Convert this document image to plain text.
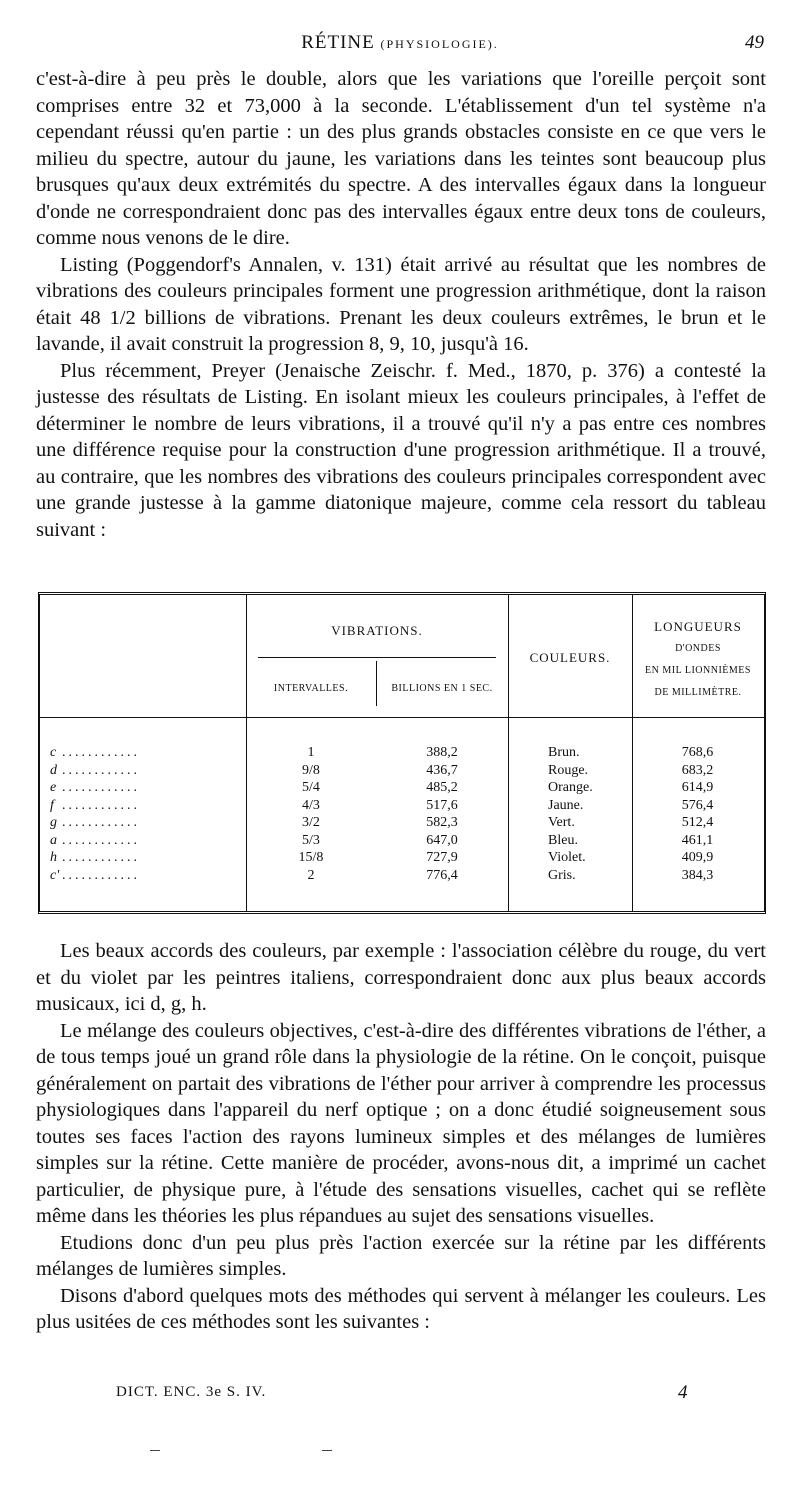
RÉTINE (PHYSIOLOGIE).	49

c'est-à-dire à peu près le double, alors que les variations que l'oreille perçoit sont comprises entre 32 et 73,000 à la seconde. L'établissement d'un tel système n'a cependant réussi qu'en partie : un des plus grands obstacles consiste en ce que vers le milieu du spectre, autour du jaune, les variations dans les teintes sont beaucoup plus brusques qu'aux deux extrémités du spectre. A des intervalles égaux dans la longueur d'onde ne correspondraient donc pas des intervalles égaux entre deux tons de couleurs, comme nous venons de le dire.

Listing (Poggendorf's Annalen, v. 131) était arrivé au résultat que les nombres de vibrations des couleurs principales forment une progression arithmétique, dont la raison était 48 1/2 billions de vibrations. Prenant les deux couleurs extrêmes, le brun et le lavande, il avait construit la progression 8, 9, 10, jusqu'à 16.

Plus récemment, Preyer (Jenaische Zeischr. f. Med., 1870, p. 376) a contesté la justesse des résultats de Listing. En isolant mieux les couleurs principales, à l'effet de déterminer le nombre de leurs vibrations, il a trouvé qu'il n'y a pas entre ces nombres une différence requise pour la construction d'une progression arithmétique. Il a trouvé, au contraire, que les nombres des vibrations des couleurs principales correspondent avec une grande justesse à la gamme diatonique majeure, comme cela ressort du tableau suivant :

VIBRATIONS.
INTERVALLES.	BILLIONS EN 1 SEC.
COULEURS.
LONGUEURS
D'ONDES
EN MIL LIONNIÈMES
DE MILLIMÈTRE.
c ............	1	388,2	Brun.	768,6
d ............	9/8	436,7	Rouge.	683,2
e ............	5/4	485,2	Orange.	614,9
f ............	4/3	517,6	Jaune.	576,4
g ............	3/2	582,3	Vert.	512,4
a ............	5/3	647,0	Bleu.	461,1
h ............	15/8	727,9	Violet.	409,9
c' ............	2	776,4	Gris.	384,3

Les beaux accords des couleurs, par exemple : l'association célèbre du rouge, du vert et du violet par les peintres italiens, correspondraient donc aux plus beaux accords musicaux, ici d, g, h.

Le mélange des couleurs objectives, c'est-à-dire des différentes vibrations de l'éther, a de tous temps joué un grand rôle dans la physiologie de la rétine. On le conçoit, puisque généralement on partait des vibrations de l'éther pour arriver à comprendre les processus physiologiques dans l'appareil du nerf optique ; on a donc étudié soigneusement sous toutes ses faces l'action des rayons lumineux simples et des mélanges de lumières simples sur la rétine. Cette manière de procéder, avons-nous dit, a imprimé un cachet particulier, de physique pure, à l'étude des sensations visuelles, cachet qui se reflète même dans les théories les plus répandues au sujet des sensations visuelles.

Etudions donc d'un peu plus près l'action exercée sur la rétine par les différents mélanges de lumières simples.

Disons d'abord quelques mots des méthodes qui servent à mélanger les couleurs. Les plus usitées de ces méthodes sont les suivantes :

DICT. ENC. 3e S. IV.	4
